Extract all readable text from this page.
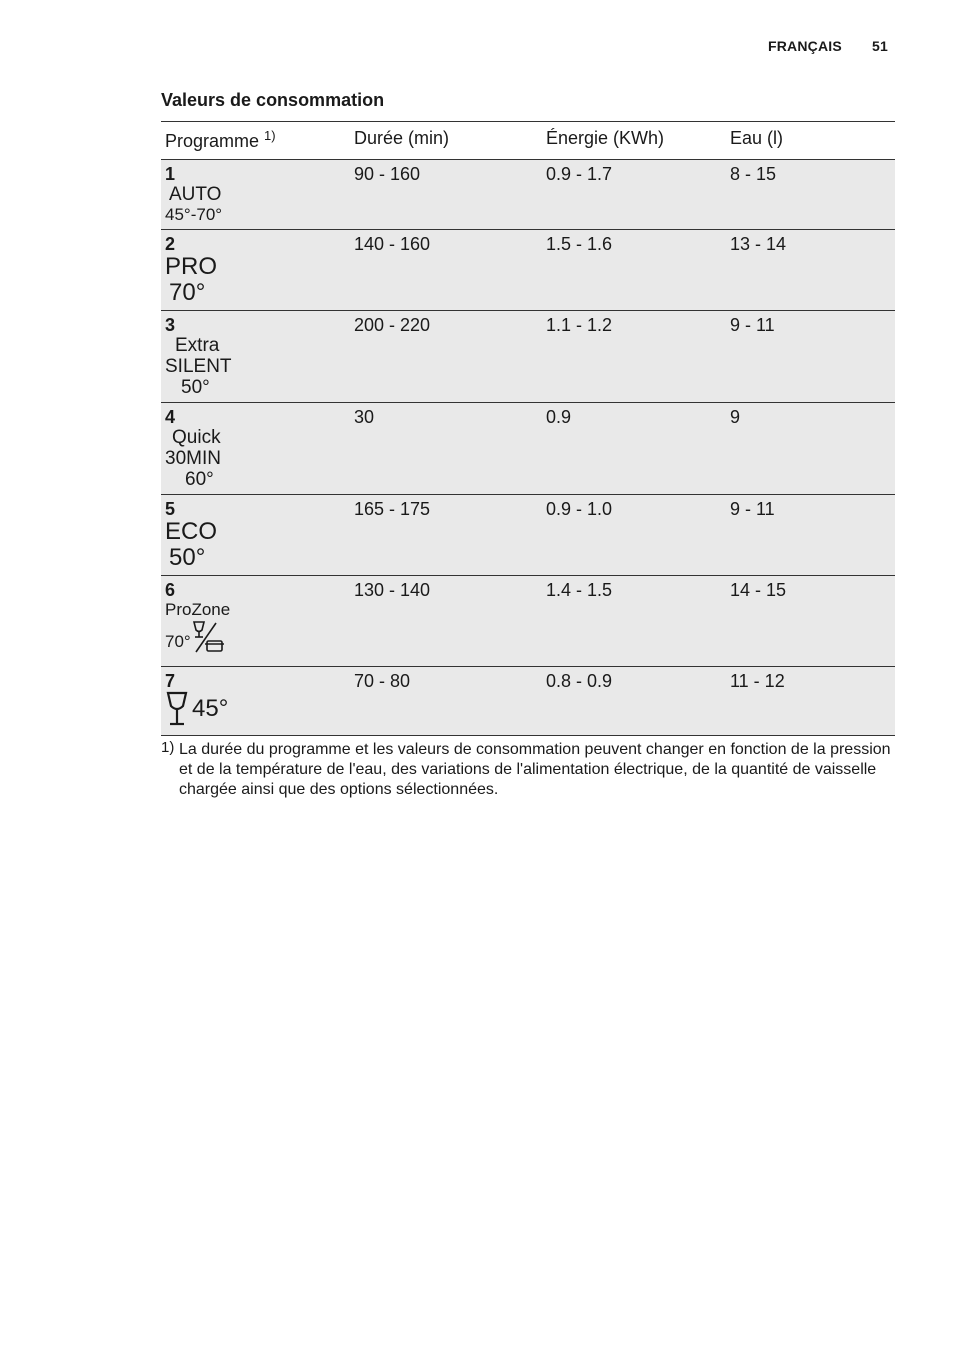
FRANÇAIS 51
Valeurs de consommation
Programme $^{1)}$	Durée (min)	Énergie (KWh)	Eau (l)

1
AUTO
45°-70°	90 - 160	0.9 - 1.7	8 - 15

2
PRO
70°	140 - 160	1.5 - 1.6	13 - 14

3
Extra
SILENT
50°	200 - 220	1.1 - 1.2	9 - 11

4
Quick
30MIN
60°	30	0.9	9

5
ECO
50°	165 - 175	0.9 - 1.0	9 - 11

6
ProZone
70°	130 - 140	1.4 - 1.5	14 - 15

7
45°	70 - 80	0.8 - 0.9	11 - 12
1) La durée du programme et les valeurs de consommation peuvent changer en fonction de la pression et de la température de l'eau, des variations de l'alimentation électrique, de la quantité de vaisselle chargée ainsi que des options sélectionnées.
